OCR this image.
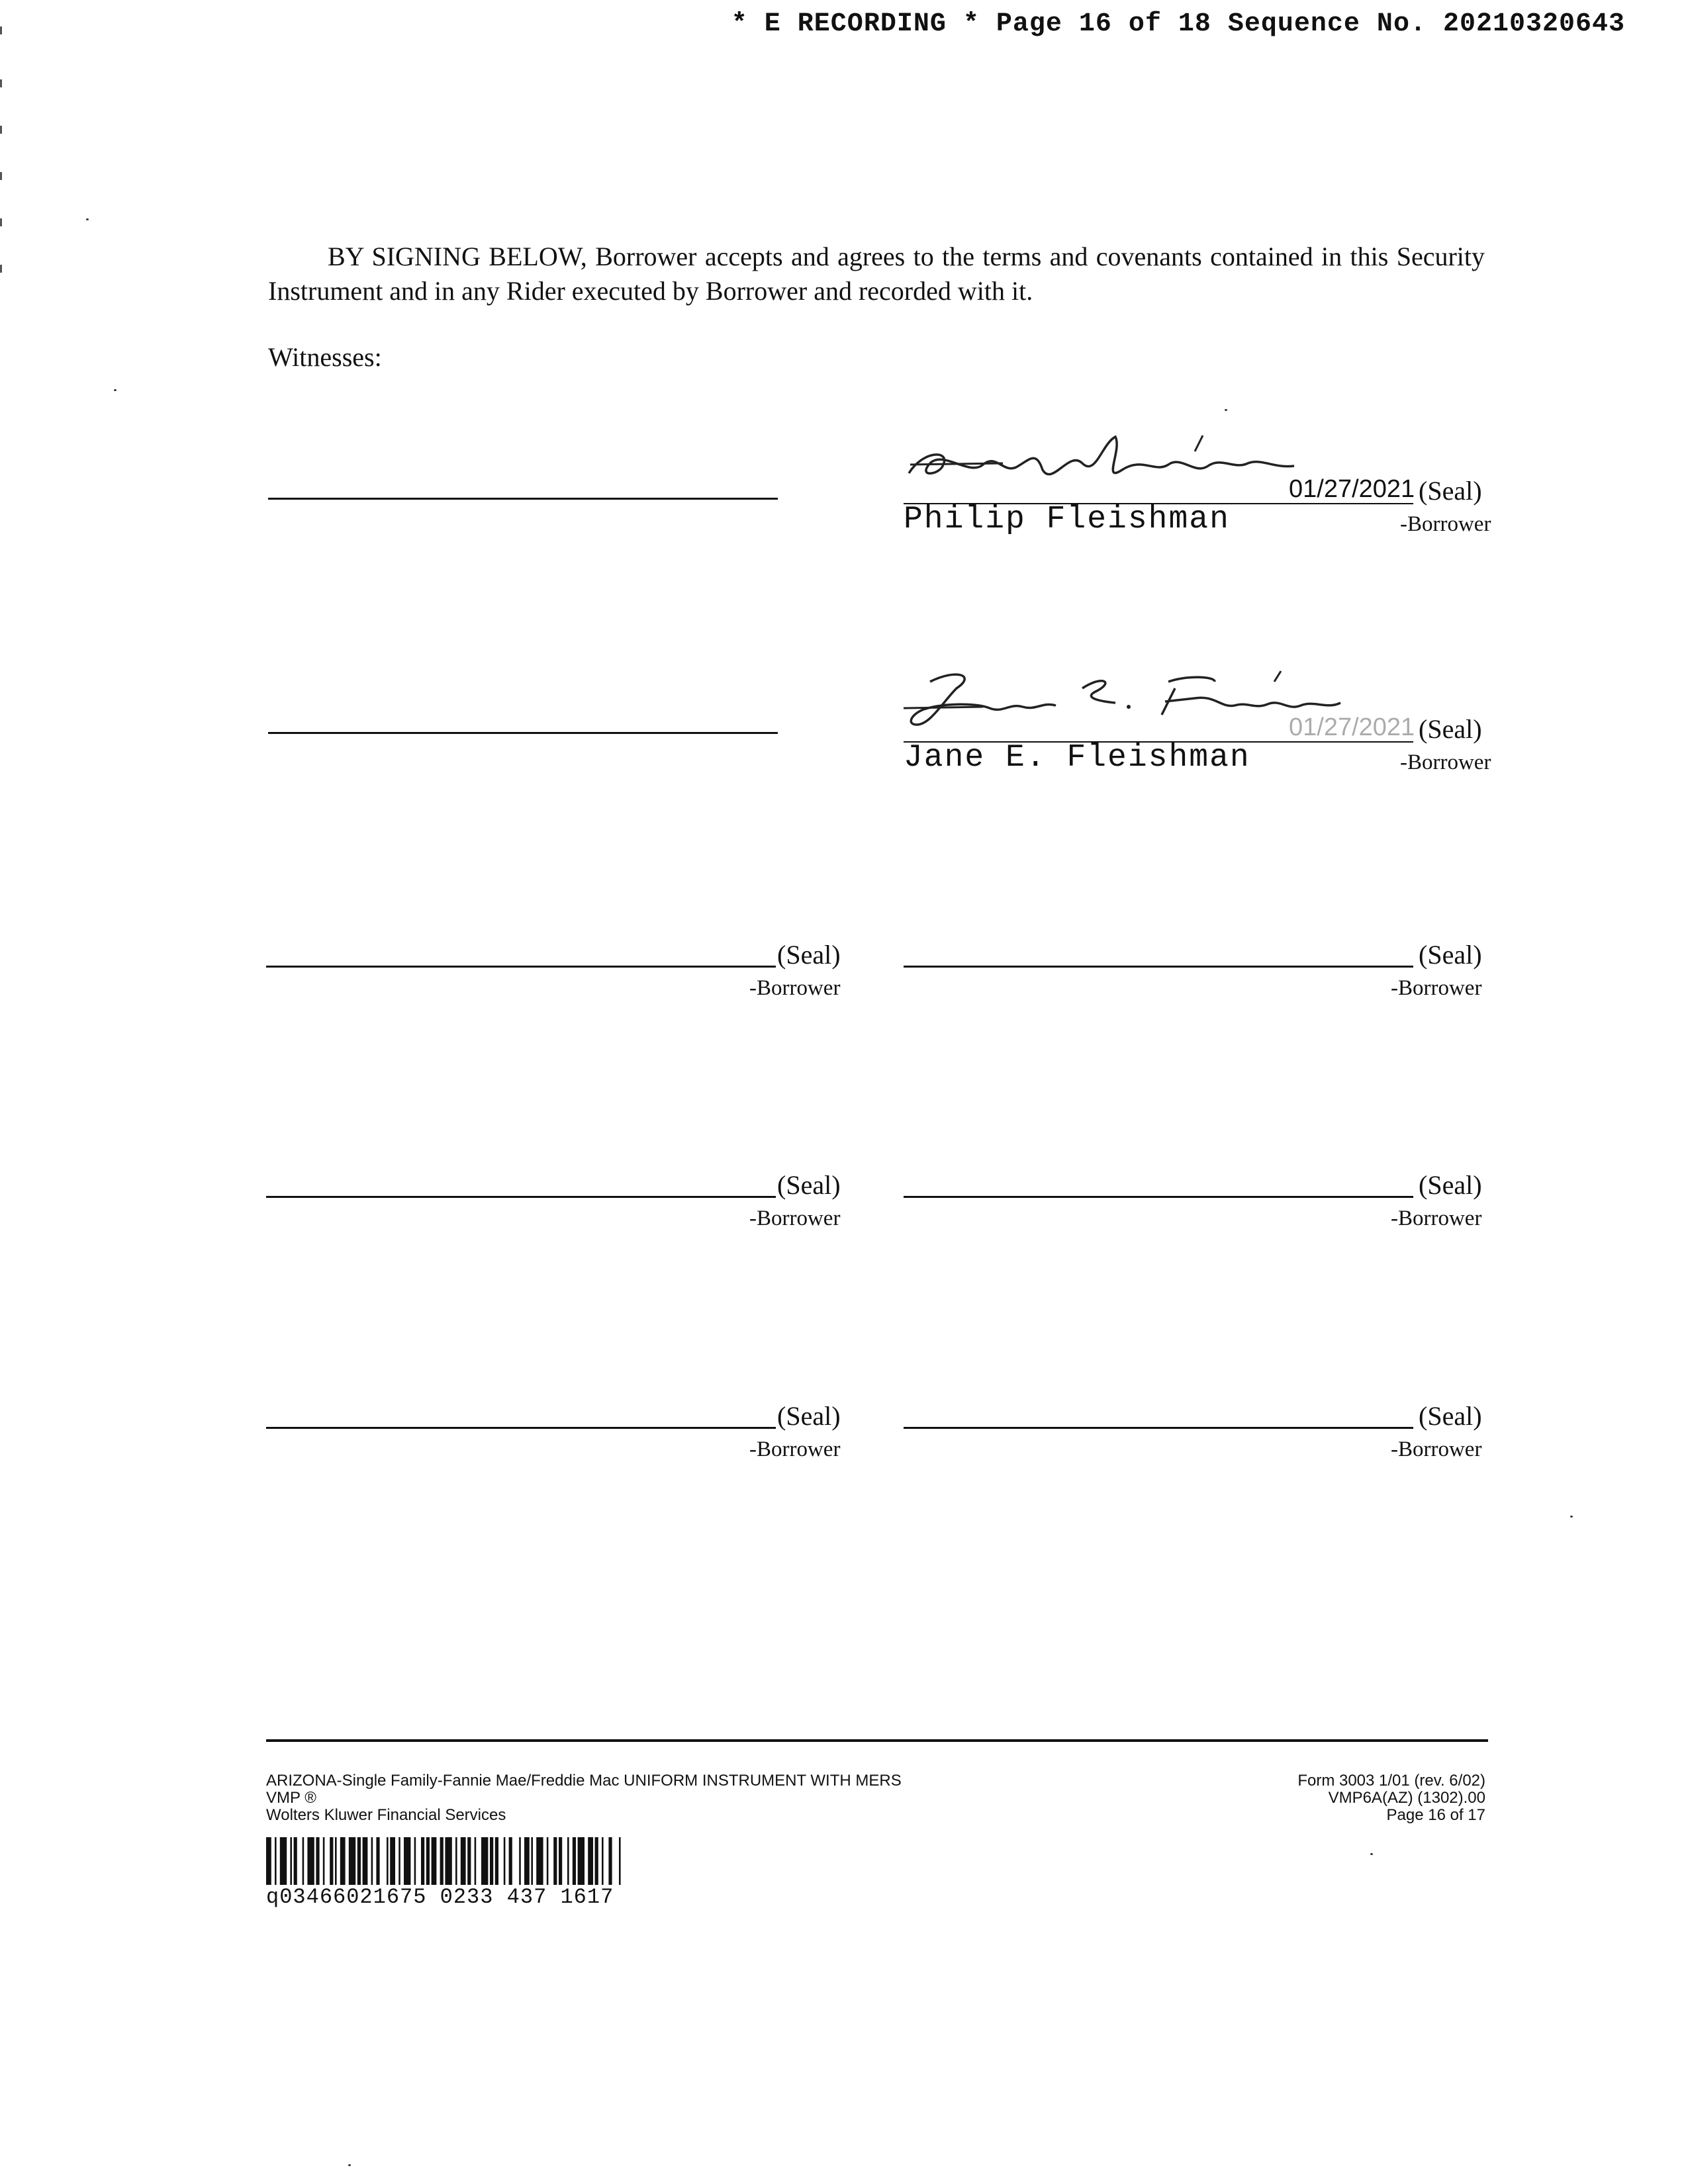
* E RECORDING * Page 16 of 18 Sequence No. 20210320643
BY SIGNING BELOW, Borrower accepts and agrees to the terms and covenants contained in this Security Instrument and in any Rider executed by Borrower and recorded with it.
Witnesses:
01/27/2021 (Seal)
Philip Fleishman	-Borrower
01/27/2021 (Seal)
Jane E. Fleishman	-Borrower
(Seal)
-Borrower
(Seal)
-Borrower
(Seal)
-Borrower
(Seal)
-Borrower
(Seal)
-Borrower
(Seal)
-Borrower
ARIZONA-Single Family-Fannie Mae/Freddie Mac UNIFORM INSTRUMENT WITH MERS
VMP ®
Wolters Kluwer Financial Services
Form 3003 1/01 (rev. 6/02)
VMP6A(AZ) (1302).00
Page 16 of 17
q03466021675 0233 437 1617
